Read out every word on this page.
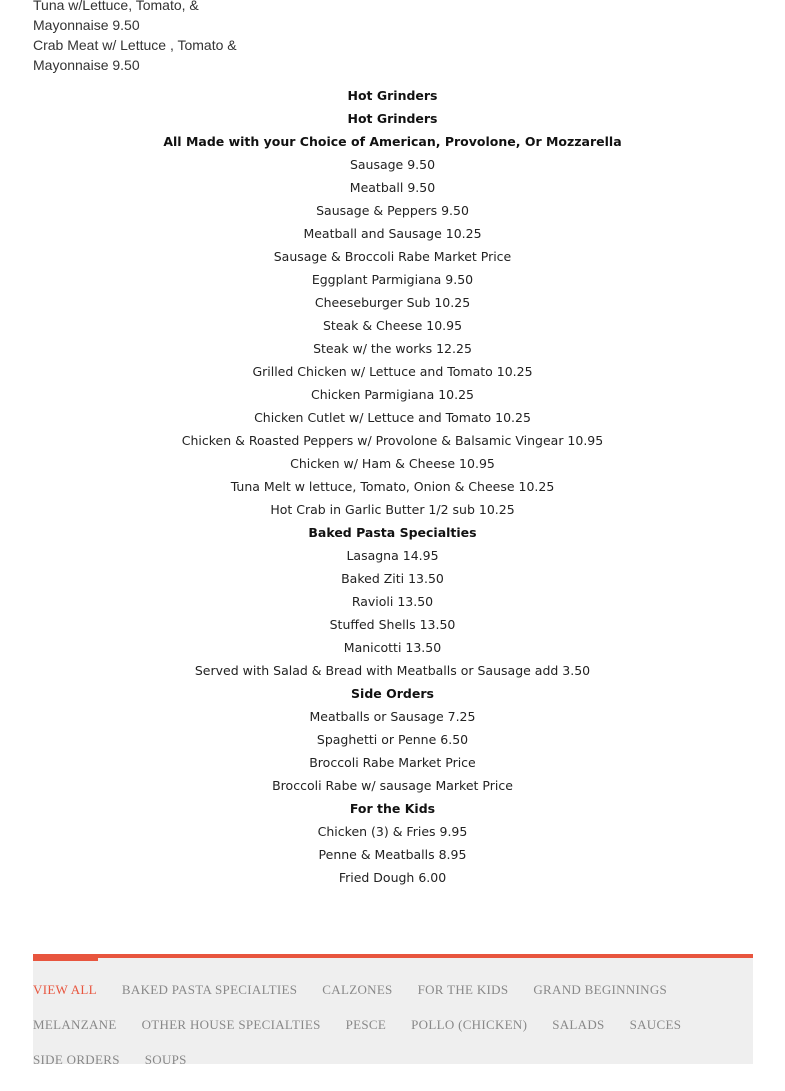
Tuna w/Lettuce, Tomato, &
Mayonnaise 9.50
Crab Meat w/ Lettuce , Tomato &
Mayonnaise 9.50
Hot Grinders
Hot Grinders
All Made with your Choice of American, Provolone, Or Mozzarella
Sausage 9.50
Meatball 9.50
Sausage & Peppers 9.50
Meatball and Sausage 10.25
Sausage & Broccoli Rabe Market Price
Eggplant Parmigiana 9.50
Cheeseburger Sub 10.25
Steak & Cheese 10.95
Steak w/ the works 12.25
Grilled Chicken w/ Lettuce and Tomato 10.25
Chicken Parmigiana 10.25
Chicken Cutlet w/ Lettuce and Tomato 10.25
Chicken & Roasted Peppers w/ Provolone & Balsamic Vingear 10.95
Chicken w/ Ham & Cheese 10.95
Tuna Melt w lettuce, Tomato, Onion & Cheese 10.25
Hot Crab in Garlic Butter 1/2 sub 10.25
Baked Pasta Specialties
Lasagna 14.95
Baked Ziti 13.50
Ravioli 13.50
Stuffed Shells 13.50
Manicotti 13.50
Served with Salad & Bread with Meatballs or Sausage add 3.50
Side Orders
Meatballs or Sausage 7.25
Spaghetti or Penne 6.50
Broccoli Rabe Market Price
Broccoli Rabe w/ sausage Market Price
For the Kids
Chicken (3) & Fries 9.95
Penne & Meatballs 8.95
Fried Dough 6.00
VIEW ALL BAKED PASTA SPECIALTIES CALZONES FOR THE KIDS GRAND BEGINNINGS
MELANZANE OTHER HOUSE SPECIALTIES PESCE POLLO (CHICKEN) SALADS SAUCES
SIDE ORDERS SOUPS
